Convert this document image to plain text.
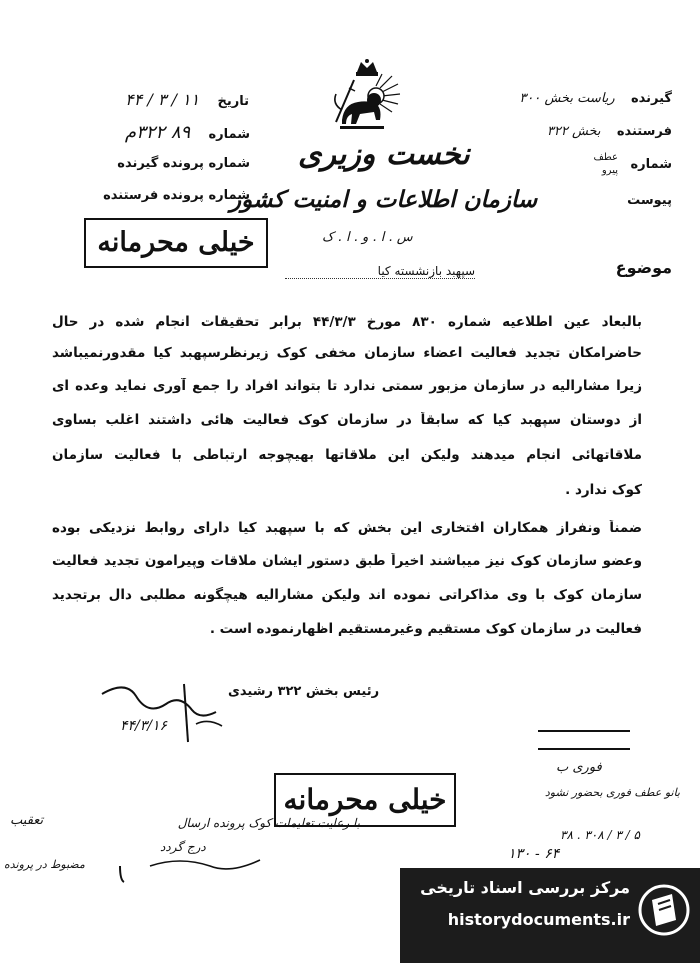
گیرنده  ریاست بخش ۳۰۰
فرستنده  بخش ۳۲۲
شماره
عطف
پیرو
پیوست
تاریخ  ۱۱ / ۳ / ۴۴
شماره  ۸۹ ۳۲۲م
شماره پرونده گیرنده
شماره پرونده فرستنده
نخست وزیری
سازمان اطلاعات و امنیت کشور
س . ا . و . ا . ک
خیلی محرمانه
موضوع
سپهبد بازنشسته کیا
بالبعاد عین اطلاعیه شماره ۸۳۰ مورخ ۴۴/۳/۳ برابر تحقیقات انجام شده در حال
حاضرامکان تجدید فعالیت اعضاء سازمان مخفی کوک زیرنظرسپهبد کیا مقدورنمیباشد
زیرا مشارالیه در سازمان مزبور سمتی ندارد تا بتواند افراد را جمع آوری نماید وعده ای
از دوستان سپهبد کیا که سابقاً در سازمان کوک فعالیت هائی داشتند اغلب بساوی
ملاقاتهائی انجام میدهند ولیکن این ملاقاتها بهیچوجه ارتباطی با فعالیت سازمان
کوک ندارد .
ضمناً ونفراز همکاران افتخاری این بخش که با سپهبد کیا دارای روابط نزدیکی بوده
وعضو سازمان کوک نیز میباشند اخیراً طبق دستور ایشان ملاقات وپیرامون تجدید فعالیت
سازمان کوک با وی مذاکراتی نموده اند ولیکن مشارالیه هیچگونه مطلبی دال برتجدید
فعالیت در سازمان کوک مستقیم وغیرمستقیم اظهارنموده است .
رئیس بخش ۳۲۲ رشیدی
۴۴/۳/۱۶
فوری ب
بانو عطف فوری بحضور نشود
تعقیب	با رعایت تعلیمات کوک پرونده ارسال
درج گردد
۳۸ . ۳۰۸ / ۳ / ۵
۱۳۰ - ۶۴
مضبوط در پرونده
خیلی محرمانه
مرکز بررسی اسناد تاریخی
historydocuments.ir
